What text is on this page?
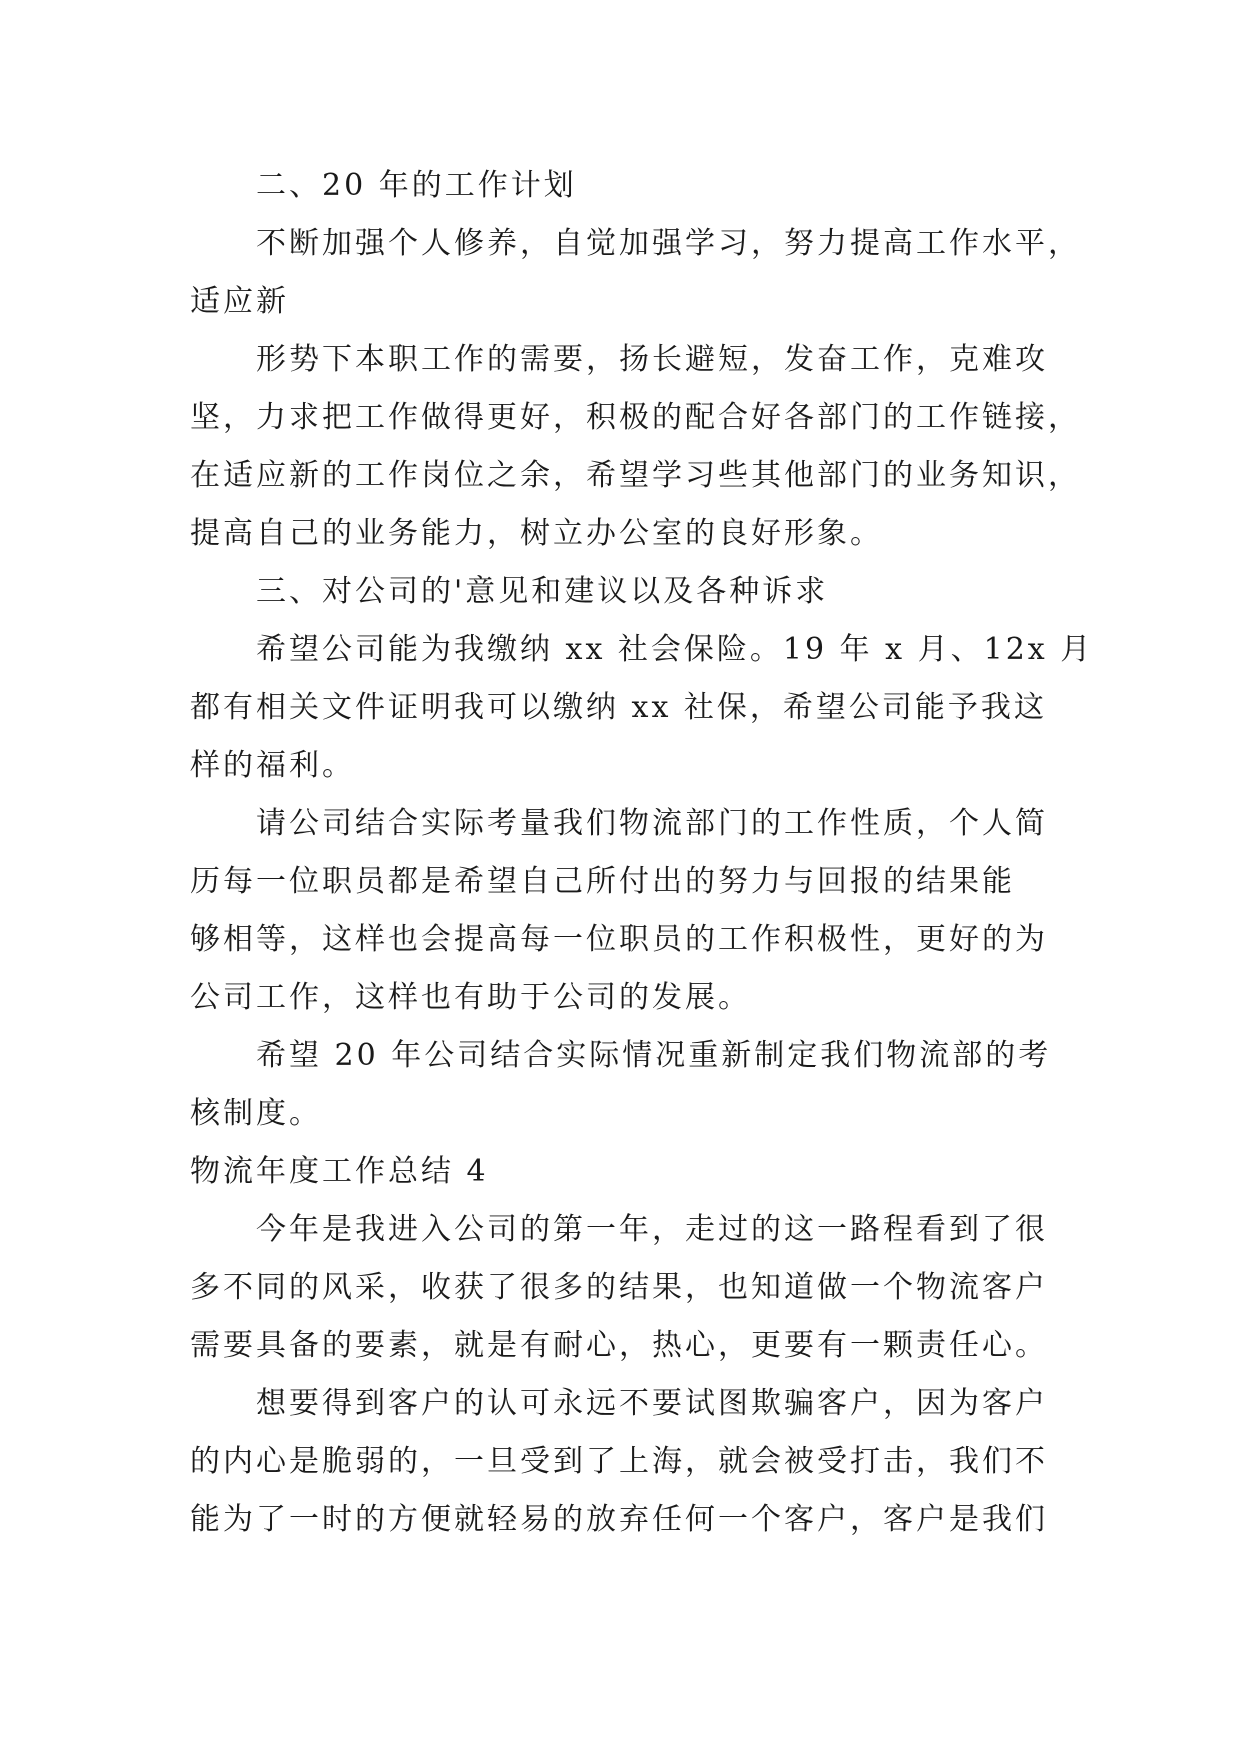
二、20 年的工作计划

不断加强个人修养，自觉加强学习，努力提高工作水平，

适应新

形势下本职工作的需要，扬长避短，发奋工作，克难攻

坚，力求把工作做得更好，积极的配合好各部门的工作链接，

在适应新的工作岗位之余，希望学习些其他部门的业务知识，

提高自己的业务能力，树立办公室的良好形象。

三、对公司的'意见和建议以及各种诉求

希望公司能为我缴纳 xx 社会保险。19 年 x 月、12x 月

都有相关文件证明我可以缴纳 xx 社保，希望公司能予我这

样的福利。

请公司结合实际考量我们物流部门的工作性质，个人简

历每一位职员都是希望自己所付出的努力与回报的结果能

够相等，这样也会提高每一位职员的工作积极性，更好的为

公司工作，这样也有助于公司的发展。

希望 20 年公司结合实际情况重新制定我们物流部的考

核制度。

物流年度工作总结 4

今年是我进入公司的第一年，走过的这一路程看到了很

多不同的风采，收获了很多的结果，也知道做一个物流客户

需要具备的要素，就是有耐心，热心，更要有一颗责任心。

想要得到客户的认可永远不要试图欺骗客户，因为客户

的内心是脆弱的，一旦受到了上海，就会被受打击，我们不

能为了一时的方便就轻易的放弃任何一个客户，客户是我们
